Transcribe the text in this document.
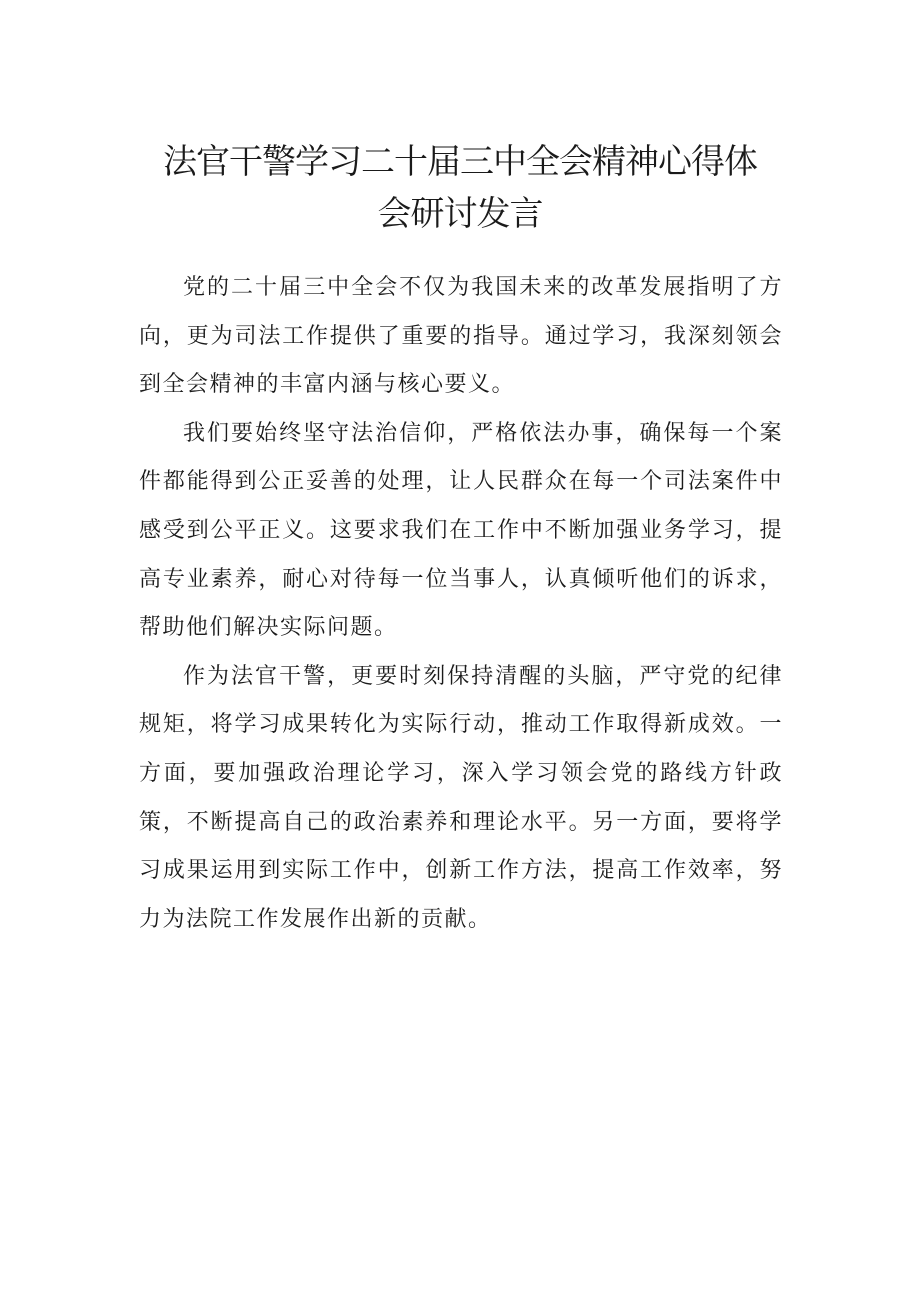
法官干警学习二十届三中全会精神心得体
会研讨发言

党的二十届三中全会不仅为我国未来的改革发展指明了方向，更为司法工作提供了重要的指导。通过学习，我深刻领会到全会精神的丰富内涵与核心要义。

我们要始终坚守法治信仰，严格依法办事，确保每一个案件都能得到公正妥善的处理，让人民群众在每一个司法案件中感受到公平正义。这要求我们在工作中不断加强业务学习，提高专业素养，耐心对待每一位当事人，认真倾听他们的诉求，帮助他们解决实际问题。

作为法官干警，更要时刻保持清醒的头脑，严守党的纪律规矩，将学习成果转化为实际行动，推动工作取得新成效。一方面，要加强政治理论学习，深入学习领会党的路线方针政策，不断提高自己的政治素养和理论水平。另一方面，要将学习成果运用到实际工作中，创新工作方法，提高工作效率，努力为法院工作发展作出新的贡献。
